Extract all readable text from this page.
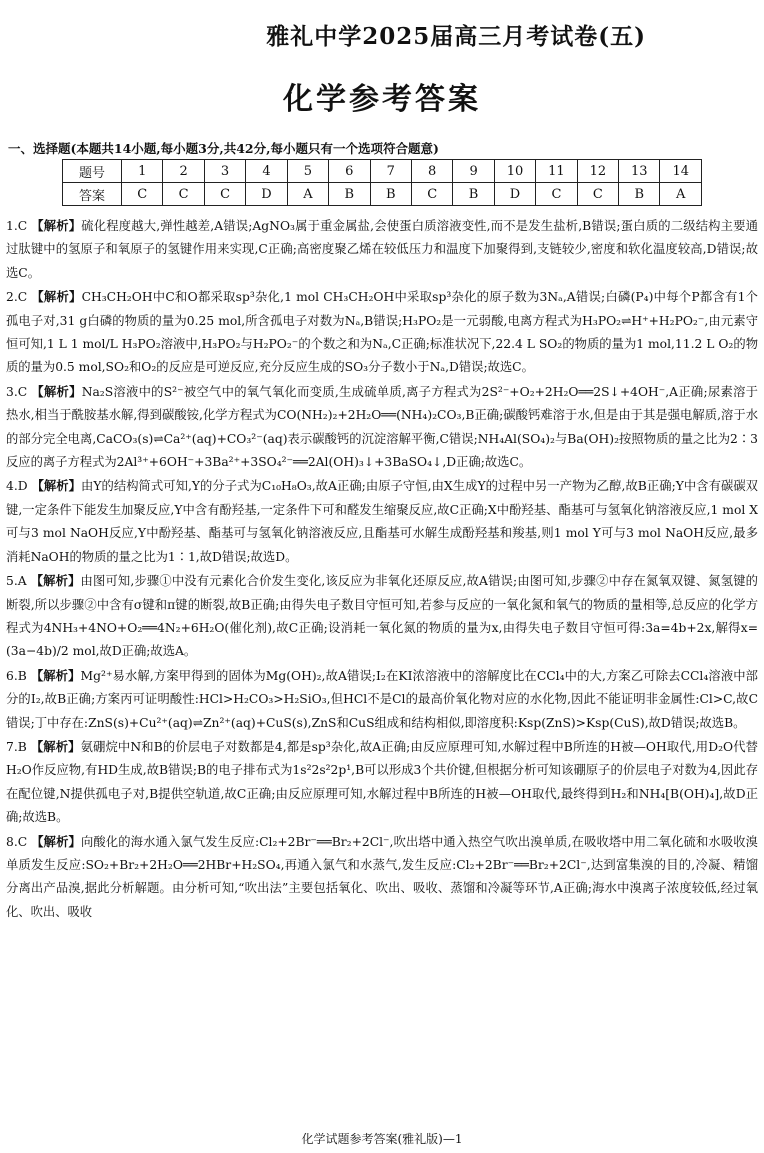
雅礼中学2025届高三月考试卷(五)
化学参考答案
一、选择题(本题共14小题,每小题3分,共42分,每小题只有一个选项符合题意)
题号	1	2	3	4	5	6	7	8	9	10	11	12	13	14
答案	C	C	C	D	A	B	B	C	B	D	C	C	B	A
1.C 【解析】硫化程度越大,弹性越差,A错误;AgNO₃属于重金属盐,会使蛋白质溶液变性,而不是发生盐析,B错误;蛋白质的二级结构主要通过肽键中的氢原子和氧原子的氢键作用来实现,C正确;高密度聚乙烯在较低压力和温度下加聚得到,支链较少,密度和软化温度较高,D错误;故选C。
2.C 【解析】CH₃CH₂OH中C和O都采取sp³杂化,1 mol CH₃CH₂OH中采取sp³杂化的原子数为3Nₐ,A错误;白磷(P₄)中每个P都含有1个孤电子对,31 g白磷的物质的量为0.25 mol,所含孤电子对数为Nₐ,B错误;H₃PO₂是一元弱酸,电离方程式为H₃PO₂⇌H⁺+H₂PO₂⁻,由元素守恒可知,1 L 1 mol/L H₃PO₂溶液中,H₃PO₂与H₂PO₂⁻的个数之和为Nₐ,C正确;标准状况下,22.4 L SO₂的物质的量为1 mol,11.2 L O₂的物质的量为0.5 mol,SO₂和O₂的反应是可逆反应,充分反应生成的SO₃分子数小于Nₐ,D错误;故选C。
3.C 【解析】Na₂S溶液中的S²⁻被空气中的氧气氧化而变质,生成硫单质,离子方程式为2S²⁻+O₂+2H₂O══2S↓+4OH⁻,A正确;尿素溶于热水,相当于酰胺基水解,得到碳酸铵,化学方程式为CO(NH₂)₂+2H₂O══(NH₄)₂CO₃,B正确;碳酸钙难溶于水,但是由于其是强电解质,溶于水的部分完全电离,CaCO₃(s)⇌Ca²⁺(aq)+CO₃²⁻(aq)表示碳酸钙的沉淀溶解平衡,C错误;NH₄Al(SO₄)₂与Ba(OH)₂按照物质的量之比为2∶3反应的离子方程式为2Al³⁺+6OH⁻+3Ba²⁺+3SO₄²⁻══2Al(OH)₃↓+3BaSO₄↓,D正确;故选C。
4.D 【解析】由Y的结构简式可知,Y的分子式为C₁₀H₈O₃,故A正确;由原子守恒,由X生成Y的过程中另一产物为乙醇,故B正确;Y中含有碳碳双键,一定条件下能发生加聚反应,Y中含有酚羟基,一定条件下可和醛发生缩聚反应,故C正确;X中酚羟基、酯基可与氢氧化钠溶液反应,1 mol X可与3 mol NaOH反应,Y中酚羟基、酯基可与氢氧化钠溶液反应,且酯基可水解生成酚羟基和羧基,则1 mol Y可与3 mol NaOH反应,最多消耗NaOH的物质的量之比为1∶1,故D错误;故选D。
5.A 【解析】由图可知,步骤①中没有元素化合价发生变化,该反应为非氧化还原反应,故A错误;由图可知,步骤②中存在氮氧双键、氮氢键的断裂,所以步骤②中含有σ键和π键的断裂,故B正确;由得失电子数目守恒可知,若参与反应的一氧化氮和氧气的物质的量相等,总反应的化学方程式为4NH₃+4NO+O₂══4N₂+6H₂O(催化剂),故C正确;设消耗一氧化氮的物质的量为x,由得失电子数目守恒可得:3a=4b+2x,解得x=(3a−4b)/2 mol,故D正确;故选A。
6.B 【解析】Mg²⁺易水解,方案甲得到的固体为Mg(OH)₂,故A错误;I₂在KI浓溶液中的溶解度比在CCl₄中的大,方案乙可除去CCl₄溶液中部分的I₂,故B正确;方案丙可证明酸性:HCl>H₂CO₃>H₂SiO₃,但HCl不是Cl的最高价氧化物对应的水化物,因此不能证明非金属性:Cl>C,故C错误;丁中存在:ZnS(s)+Cu²⁺(aq)⇌Zn²⁺(aq)+CuS(s),ZnS和CuS组成和结构相似,即溶度积:Ksp(ZnS)>Ksp(CuS),故D错误;故选B。
7.B 【解析】氨硼烷中N和B的价层电子对数都是4,都是sp³杂化,故A正确;由反应原理可知,水解过程中B所连的H被—OH取代,用D₂O代替H₂O作反应物,有HD生成,故B错误;B的电子排布式为1s²2s²2p¹,B可以形成3个共价键,但根据分析可知该硼原子的价层电子对数为4,因此存在配位键,N提供孤电子对,B提供空轨道,故C正确;由反应原理可知,水解过程中B所连的H被—OH取代,最终得到H₂和NH₄[B(OH)₄],故D正确;故选B。
8.C 【解析】向酸化的海水通入氯气发生反应:Cl₂+2Br⁻══Br₂+2Cl⁻,吹出塔中通入热空气吹出溴单质,在吸收塔中用二氧化硫和水吸收溴单质发生反应:SO₂+Br₂+2H₂O══2HBr+H₂SO₄,再通入氯气和水蒸气,发生反应:Cl₂+2Br⁻══Br₂+2Cl⁻,达到富集溴的目的,冷凝、精馏分离出产品溴,据此分析解题。由分析可知,“吹出法”主要包括氧化、吹出、吸收、蒸馏和冷凝等环节,A正确;海水中溴离子浓度较低,经过氧化、吹出、吸收
化学试题参考答案(雅礼版)—1
